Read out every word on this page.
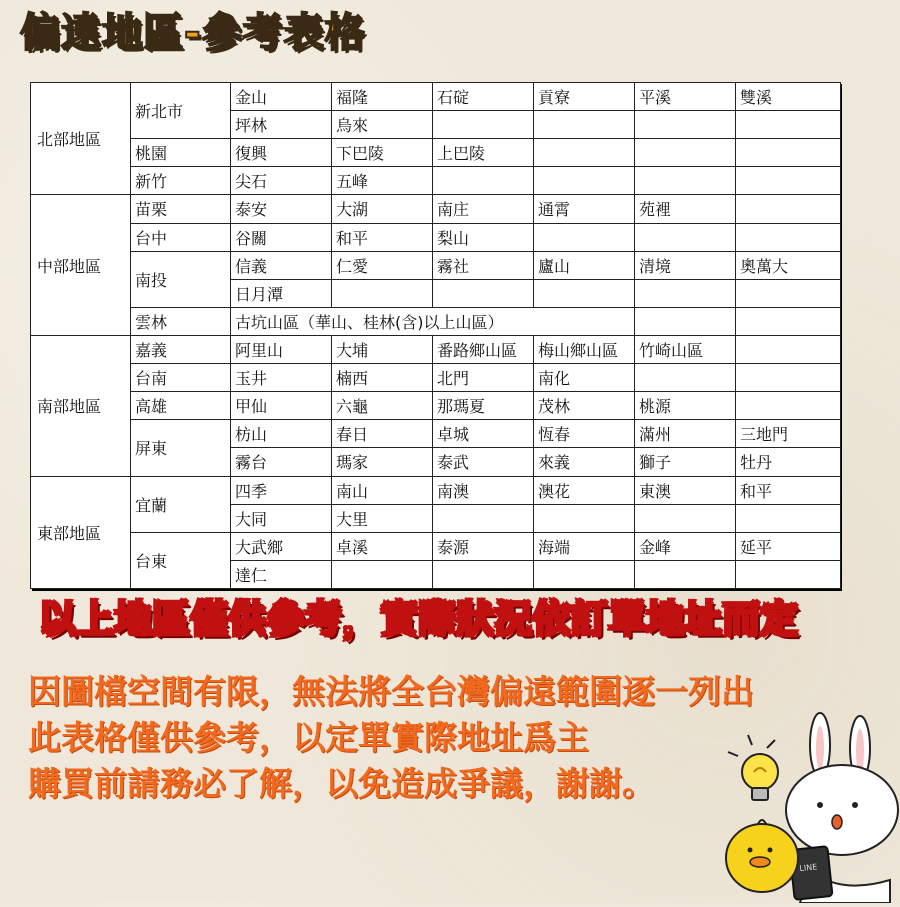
偏遠地區-參考表格
北部地區	新北市	金山	福隆	石碇	貢寮	平溪	雙溪
		坪林	烏來				
	桃園	復興	下巴陵	上巴陵			
	新竹	尖石	五峰				
中部地區	苗栗	泰安	大湖	南庄	通霄	苑裡	
	台中	谷關	和平	梨山			
	南投	信義	仁愛	霧社	廬山	清境	奧萬大
		日月潭					
	雲林	古坑山區（華山、桂林(含)以上山區）					
南部地區	嘉義	阿里山	大埔	番路鄉山區	梅山鄉山區	竹崎山區	
	台南	玉井	楠西	北門	南化		
	高雄	甲仙	六龜	那瑪夏	茂林	桃源	
	屏東	枋山	春日	卓城	恆春	滿州	三地門
		霧台	瑪家	泰武	來義	獅子	牡丹
東部地區	宜蘭	四季	南山	南澳	澳花	東澳	和平
		大同	大里				
	台東	大武鄉	卓溪	泰源	海端	金峰	延平
		達仁					
以上地區僅供參考，實際狀況依訂單地址而定
因圖檔空間有限，無法將全台灣偏遠範圍逐一列出
此表格僅供參考，以定單實際地址爲主
購買前請務必了解，以免造成爭議，謝謝。
LINE
